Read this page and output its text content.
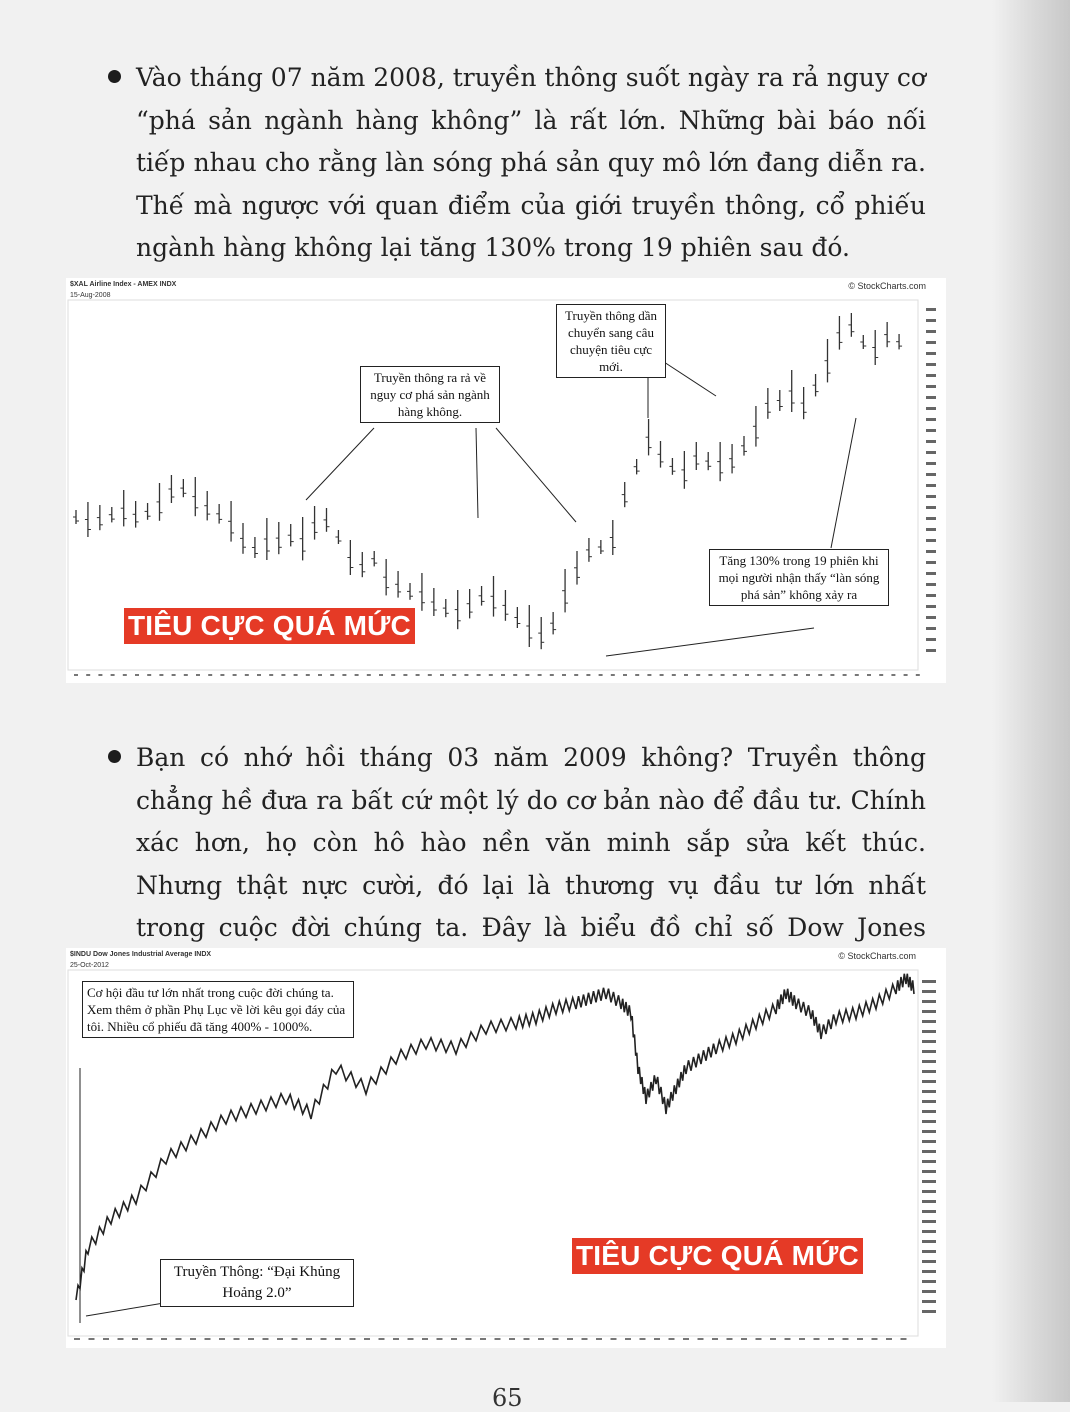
Vào tháng 07 năm 2008, truyền thông suốt ngày ra rả nguy cơ “phá sản ngành hàng không” là rất lớn. Những bài báo nối tiếp nhau cho rằng làn sóng phá sản quy mô lớn đang diễn ra. Thế mà ngược với quan điểm của giới truyền thông, cổ phiếu ngành hàng không lại tăng 130% trong 19 phiên sau đó.
$XAL Airline Index - AMEX INDX
15-Aug-2008
© StockCharts.com
Truyền thông ra rả về nguy cơ phá sản ngành hàng không.
Truyền thông dần chuyển sang câu chuyện tiêu cực mới.
Tăng 130% trong 19 phiên khi mọi người nhận thấy “làn sóng phá sản” không xảy ra
TIÊU CỰC QUÁ MỨC
Bạn có nhớ hồi tháng 03 năm 2009 không? Truyền thông chẳng hề đưa ra bất cứ một lý do cơ bản nào để đầu tư. Chính xác hơn, họ còn hô hào nền văn minh sắp sửa kết thúc. Nhưng thật nực cười, đó lại là thương vụ đầu tư lớn nhất trong cuộc đời chúng ta. Đây là biểu đồ chỉ số Dow Jones
$INDU Dow Jones Industrial Average INDX
25-Oct-2012
© StockCharts.com
Cơ hội đầu tư lớn nhất trong cuộc đời chúng ta. Xem thêm ở phần Phụ Lục về lời kêu gọi đáy của tôi. Nhiều cổ phiếu đã tăng 400% - 1000%.
Truyền Thông: “Đại Khủng Hoảng 2.0”
TIÊU CỰC QUÁ MỨC
65
